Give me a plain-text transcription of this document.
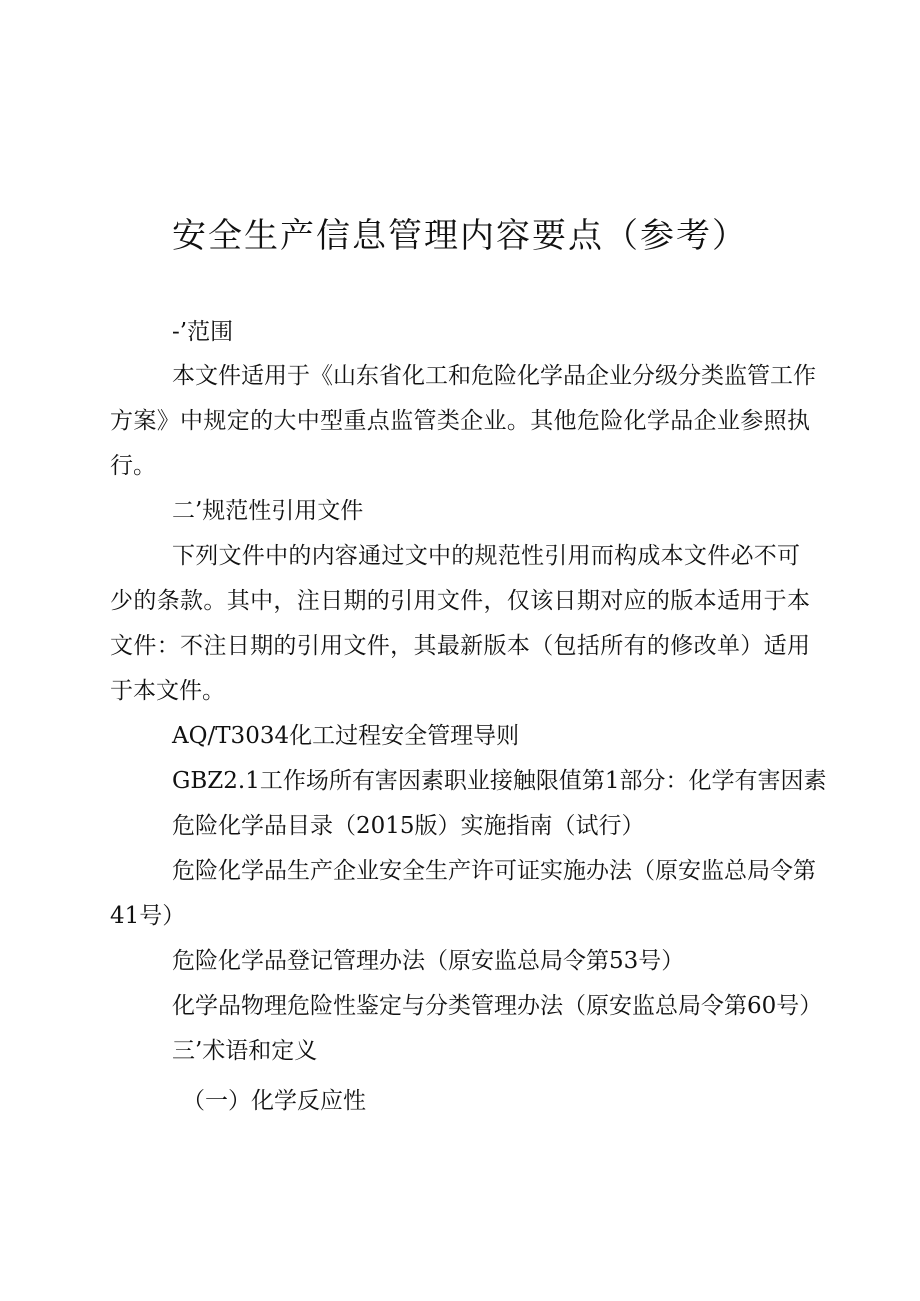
安全生产信息管理内容要点（参考）

-’范围

本文件适用于《山东省化工和危险化学品企业分级分类监管工作

方案》中规定的大中型重点监管类企业。其他危险化学品企业参照执

行。

二’规范性引用文件

下列文件中的内容通过文中的规范性引用而构成本文件必不可

少的条款。其中，注日期的引用文件，仅该日期对应的版本适用于本

文件：不注日期的引用文件，其最新版本（包括所有的修改单）适用

于本文件。

AQ/T3034化工过程安全管理导则

GBZ2.1工作场所有害因素职业接触限值第1部分：化学有害因素

危险化学品目录（2015版）实施指南（试行）

危险化学品生产企业安全生产许可证实施办法（原安监总局令第

41号）

危险化学品登记管理办法（原安监总局令第53号）

化学品物理危险性鉴定与分类管理办法（原安监总局令第60号）

三’术语和定义

（一）化学反应性
